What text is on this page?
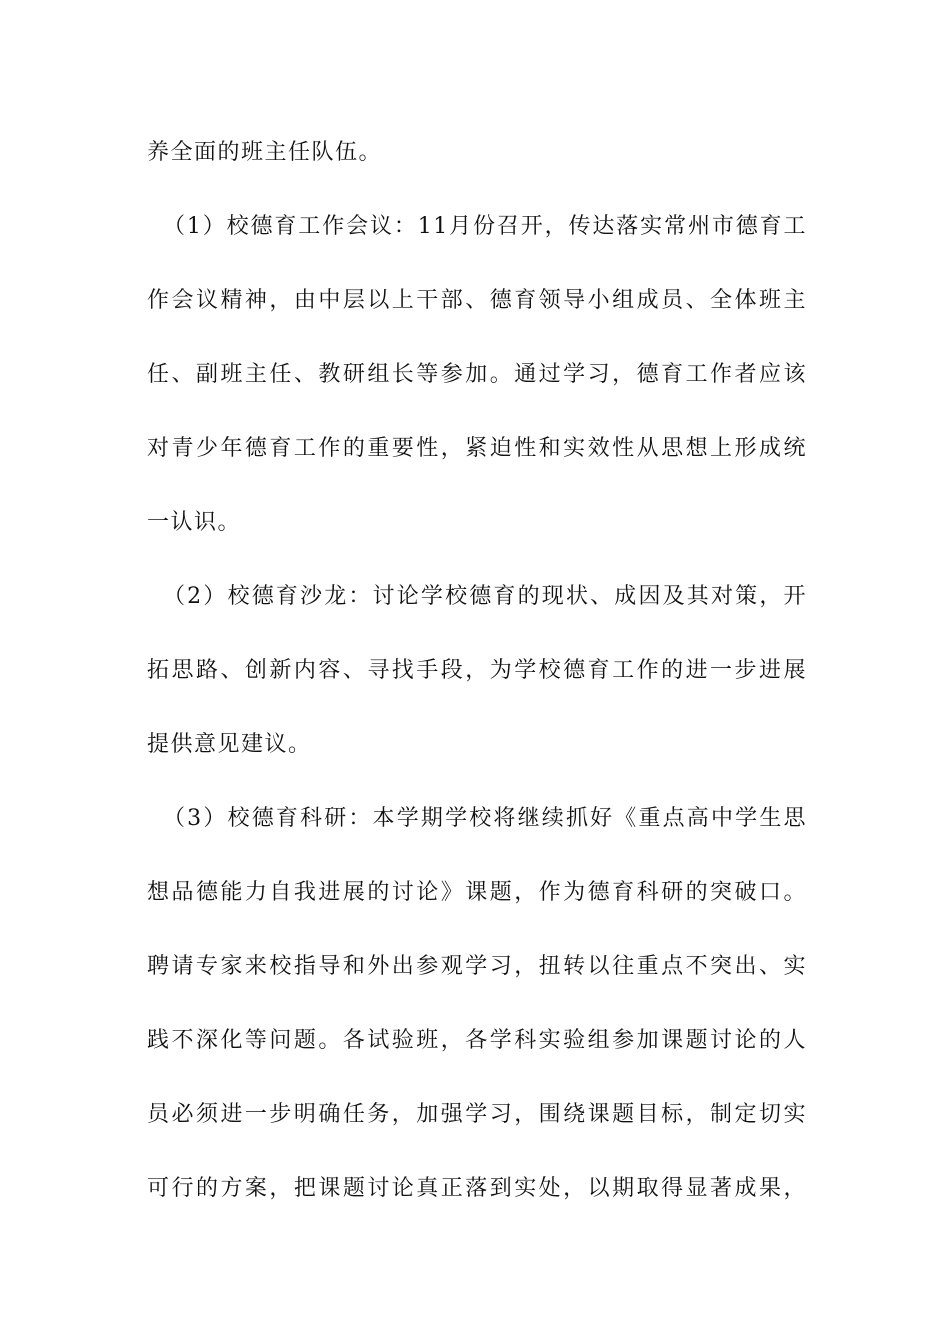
养全面的班主任队伍。
（1）校德育工作会议：11月份召开，传达落实常州市德育工
作会议精神，由中层以上干部、德育领导小组成员、全体班主
任、副班主任、教研组长等参加。通过学习，德育工作者应该
对青少年德育工作的重要性，紧迫性和实效性从思想上形成统
一认识。
（2）校德育沙龙：讨论学校德育的现状、成因及其对策，开
拓思路、创新内容、寻找手段，为学校德育工作的进一步进展
提供意见建议。
（3）校德育科研：本学期学校将继续抓好《重点高中学生思
想品德能力自我进展的讨论》课题，作为德育科研的突破口。
聘请专家来校指导和外出参观学习，扭转以往重点不突出、实
践不深化等问题。各试验班，各学科实验组参加课题讨论的人
员必须进一步明确任务，加强学习，围绕课题目标，制定切实
可行的方案，把课题讨论真正落到实处，以期取得显著成果，
